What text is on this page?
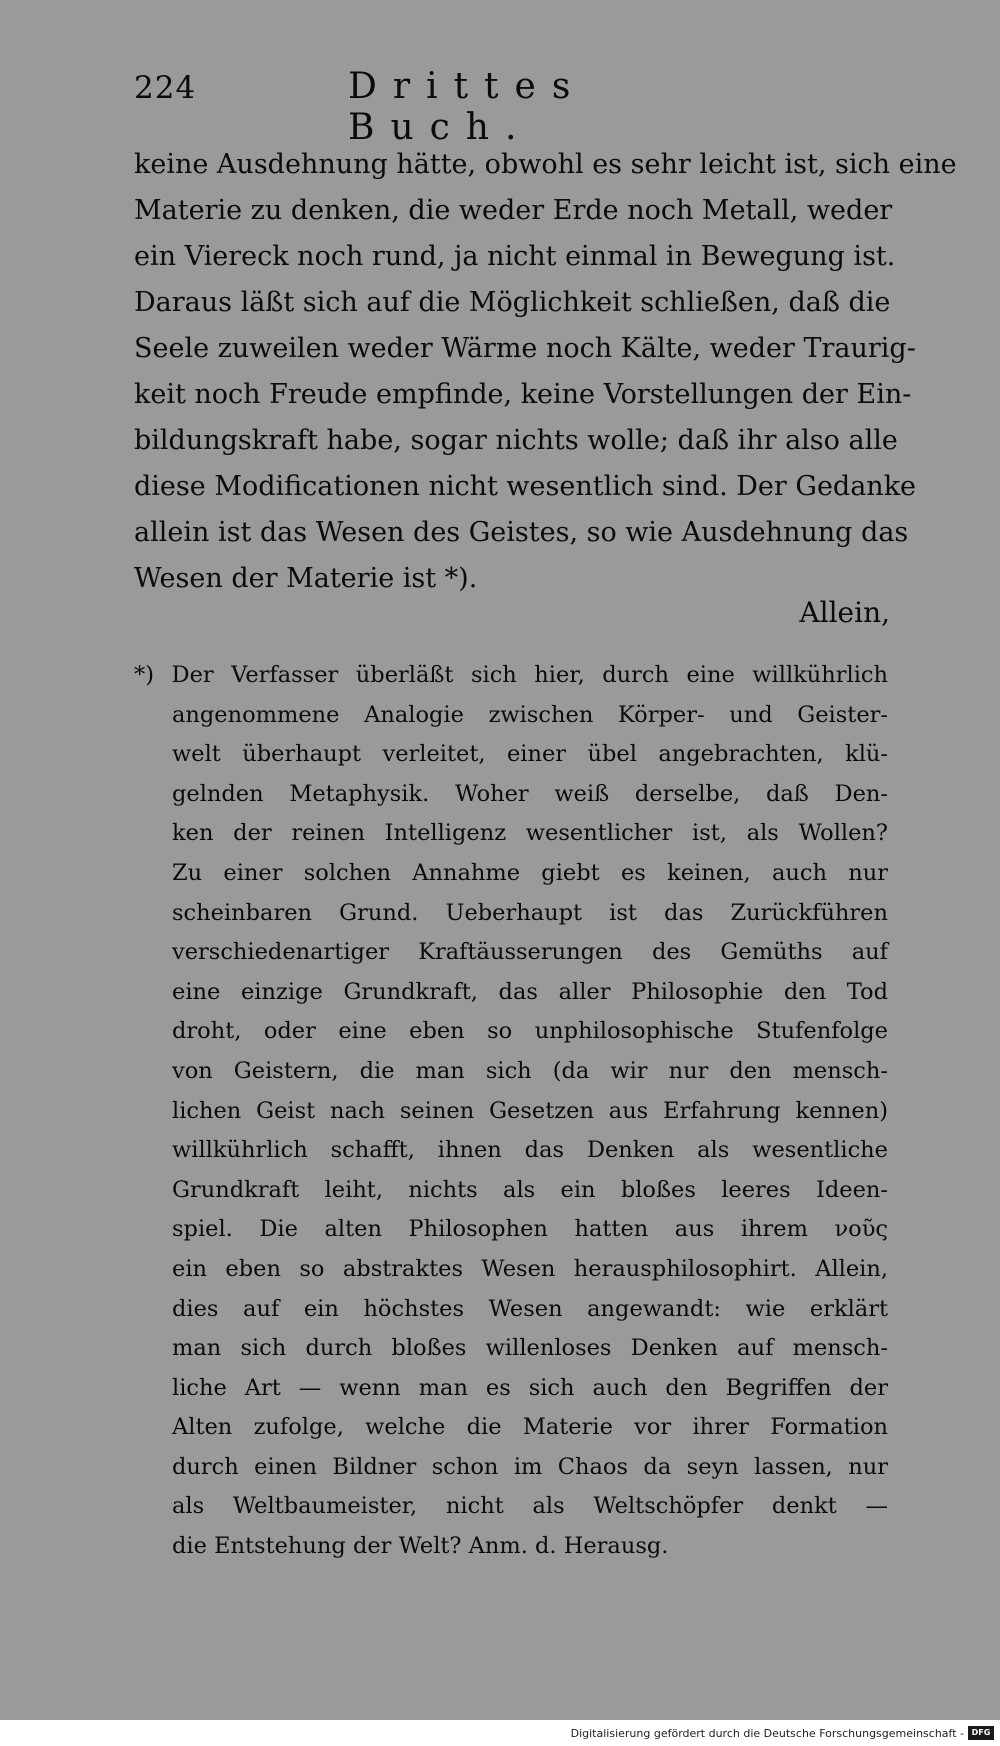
224	Drittes Buch.
keine Ausdehnung hätte, obwohl es sehr leicht ist, sich eine
Materie zu denken, die weder Erde noch Metall, weder
ein Viereck noch rund, ja nicht einmal in Bewegung ist.
Daraus läßt sich auf die Möglichkeit schließen, daß die
Seele zuweilen weder Wärme noch Kälte, weder Traurig-
keit noch Freude empfinde, keine Vorstellungen der Ein-
bildungskraft habe, sogar nichts wolle; daß ihr also alle
diese Modificationen nicht wesentlich sind. Der Gedanke
allein ist das Wesen des Geistes, so wie Ausdehnung das
Wesen der Materie ist *).
Allein,
*) Der Verfasser überläßt sich hier, durch eine willkührlich
angenommene Analogie zwischen Körper- und Geister-
welt überhaupt verleitet, einer übel angebrachten, klü-
gelnden Metaphysik. Woher weiß derselbe, daß Den-
ken der reinen Intelligenz wesentlicher ist, als Wollen?
Zu einer solchen Annahme giebt es keinen, auch nur
scheinbaren Grund. Ueberhaupt ist das Zurückführen
verschiedenartiger Kraftäusserungen des Gemüths auf
eine einzige Grundkraft, das aller Philosophie den Tod
droht, oder eine eben so unphilosophische Stufenfolge
von Geistern, die man sich (da wir nur den mensch-
lichen Geist nach seinen Gesetzen aus Erfahrung kennen)
willkührlich schafft, ihnen das Denken als wesentliche
Grundkraft leiht, nichts als ein bloßes leeres Ideen-
spiel. Die alten Philosophen hatten aus ihrem νοῦς
ein eben so abstraktes Wesen herausphilosophirt. Allein,
dies auf ein höchstes Wesen angewandt: wie erklärt
man sich durch bloßes willenloses Denken auf mensch-
liche Art — wenn man es sich auch den Begriffen der
Alten zufolge, welche die Materie vor ihrer Formation
durch einen Bildner schon im Chaos da seyn lassen, nur
als Weltbaumeister, nicht als Weltschöpfer denkt —
die Entstehung der Welt? Anm. d. Herausg.
Digitalisierung gefördert durch die Deutsche Forschungsgemeinschaft - DFG
